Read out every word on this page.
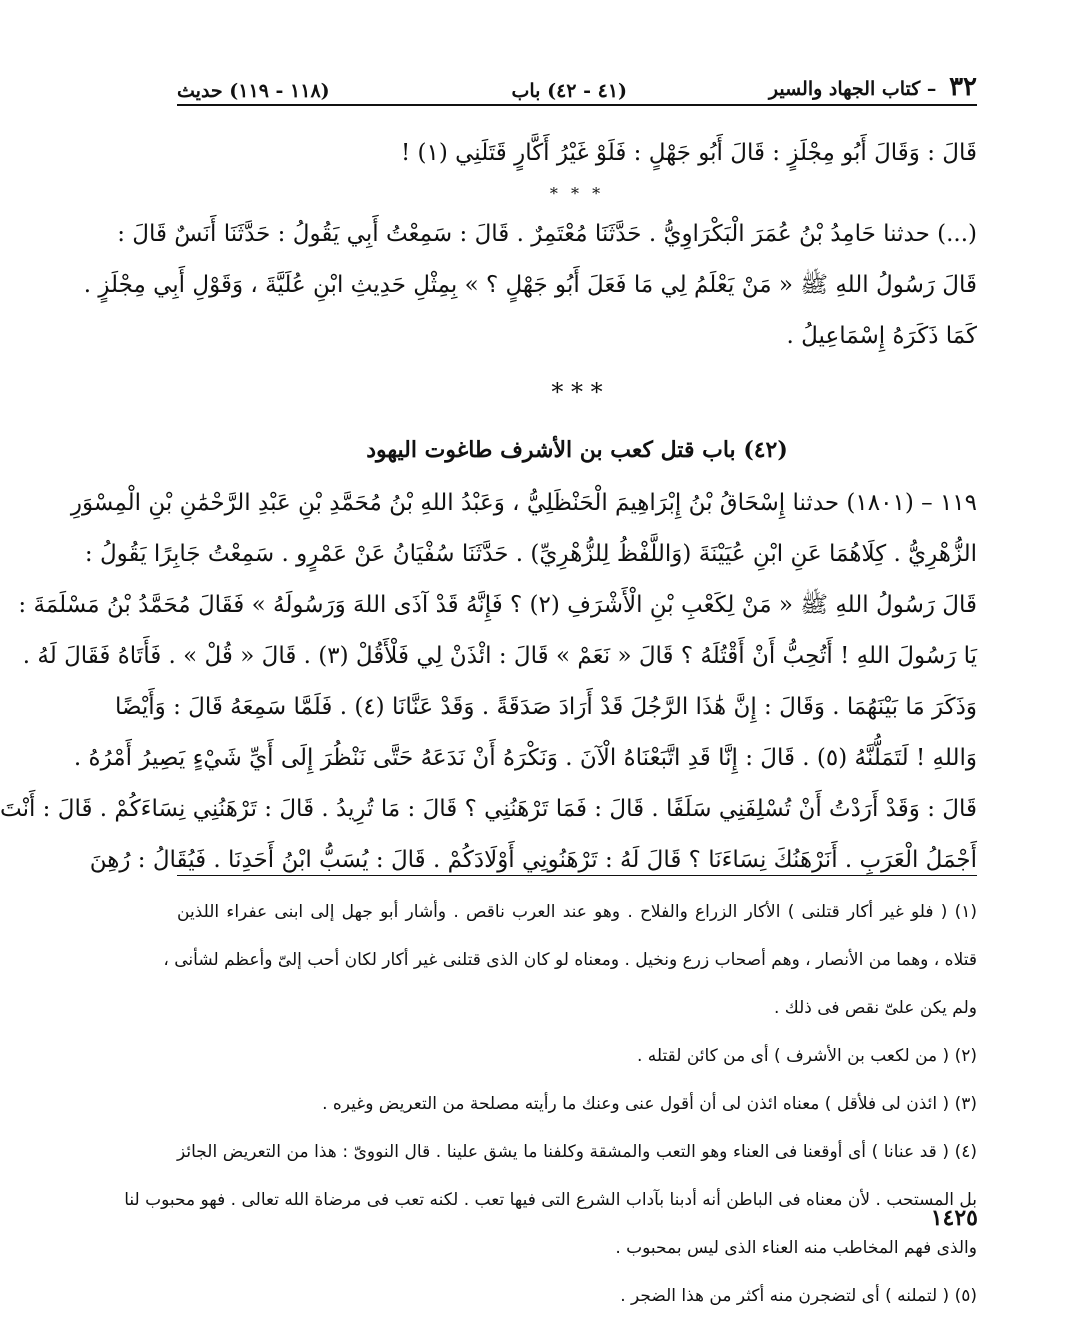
٣٢ – كتاب الجهاد والسير
(٤١ - ٤٢) باب
(١١٨ - ١١٩) حديث

قَالَ : وَقَالَ أَبُو مِجْلَزٍ : قَالَ أَبُو جَهْلٍ : فَلَوْ غَيْرُ أَكَّارٍ قَتَلَنِي (١) !

* * *

(...) حدثنا حَامِدُ بْنُ عُمَرَ الْبَكْرَاوِيُّ . حَدَّثَنَا مُعْتَمِرٌ . قَالَ : سَمِعْتُ أَبِي يَقُولُ : حَدَّثَنَا أَنَسٌ قَالَ :

قَالَ رَسُولُ اللهِ ﷺ « مَنْ يَعْلَمُ لِي مَا فَعَلَ أَبُو جَهْلٍ ؟ » بِمِثْلِ حَدِيثِ ابْنِ عُلَيَّةَ ، وَقَوْلِ أَبِي مِجْلَزٍ .

كَمَا ذَكَرَهُ إِسْمَاعِيلُ .

* * *
(٤٢) باب قتل كعب بن الأشرف طاغوت اليهود

١١٩ – (١٨٠١) حدثنا إِسْحَاقُ بْنُ إِبْرَاهِيمَ الْحَنْظَلِيُّ ، وَعَبْدُ اللهِ بْنُ مُحَمَّدِ بْنِ عَبْدِ الرَّحْمَٰنِ بْنِ الْمِسْوَرِ

الزُّهْرِيُّ . كِلَاهُمَا عَنِ ابْنِ عُيَيْنَةَ (وَاللَّفْظُ لِلزُّهْرِيِّ) . حَدَّثَنَا سُفْيَانُ عَنْ عَمْرٍو . سَمِعْتُ جَابِرًا يَقُولُ :

قَالَ رَسُولُ اللهِ ﷺ « مَنْ لِكَعْبِ بْنِ الْأَشْرَفِ (٢) ؟ فَإِنَّهُ قَدْ آذَى اللهَ وَرَسُولَهُ » فَقَالَ مُحَمَّدُ بْنُ مَسْلَمَةَ :

يَا رَسُولَ اللهِ ! أَتُحِبُّ أَنْ أَقْتُلَهُ ؟ قَالَ « نَعَمْ » قَالَ : ائْذَنْ لِي فَلْأَقُلْ (٣) . قَالَ « قُلْ » . فَأَتَاهُ فَقَالَ لَهُ .

وَذَكَرَ مَا بَيْنَهُمَا . وَقَالَ : إِنَّ هَٰذَا الرَّجُلَ قَدْ أَرَادَ صَدَقَةً . وَقَدْ عَنَّانَا (٤) . فَلَمَّا سَمِعَهُ قَالَ : وَأَيْضًا

وَاللهِ ! لَتَمَلُّنَّهُ (٥) . قَالَ : إِنَّا قَدِ اتَّبَعْنَاهُ الْآنَ . وَنَكْرَهُ أَنْ نَدَعَهُ حَتَّى نَنْظُرَ إِلَى أَيِّ شَيْءٍ يَصِيرُ أَمْرُهُ .

قَالَ : وَقَدْ أَرَدْتُ أَنْ تُسْلِفَنِي سَلَفًا . قَالَ : فَمَا تَرْهَنُنِي ؟ قَالَ : مَا تُرِيدُ . قَالَ : تَرْهَنُنِي نِسَاءَكُمْ . قَالَ : أَنْتَ

أَجْمَلُ الْعَرَبِ . أَنَرْهَنُكَ نِسَاءَنَا ؟ قَالَ لَهُ : تَرْهَنُونِي أَوْلَادَكُمْ . قَالَ : يُسَبُّ ابْنُ أَحَدِنَا . فَيُقَالُ : رُهِنَ

(١) ( فلو غير أكار قتلنى ) الأكار الزراع والفلاح . وهو عند العرب ناقص . وأشار أبو جهل إلى ابنى عفراء اللذين

قتلاه ، وهما من الأنصار ، وهم أصحاب زرع ونخيل . ومعناه لو كان الذى قتلنى غير أكار لكان أحب إلىّ وأعظم لشأنى ،

ولم يكن علىّ نقص فى ذلك .

(٢) ( من لكعب بن الأشرف ) أى من كائن لقتله .

(٣) ( ائذن لى فلأقل ) معناه ائذن لى أن أقول عنى وعنك ما رأيته مصلحة من التعريض وغيره .

(٤) ( قد عنانا ) أى أوقعنا فى العناء وهو التعب والمشقة وكلفنا ما يشق علينا . قال النووىّ : هذا من التعريض الجائز

بل المستحب . لأن معناه فى الباطن أنه أدبنا بآداب الشرع التى فيها تعب . لكنه تعب فى مرضاة الله تعالى . فهو محبوب لنا

والذى فهم المخاطب منه العناء الذى ليس بمحبوب .

(٥) ( لتملنه ) أى لتضجرن منه أكثر من هذا الضجر .

١٤٢٥
